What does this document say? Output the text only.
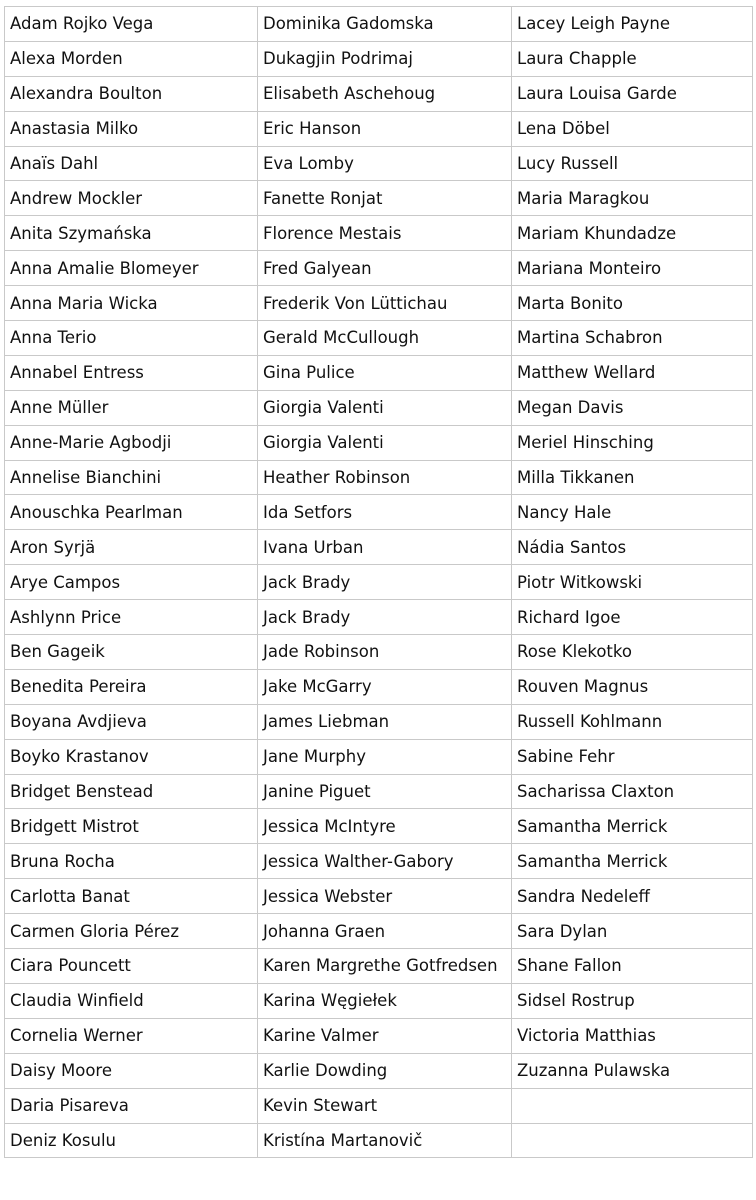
Adam Rojko Vega	Dominika Gadomska	Lacey Leigh Payne
Alexa Morden	Dukagjin Podrimaj	Laura Chapple
Alexandra Boulton	Elisabeth Aschehoug	Laura Louisa Garde
Anastasia Milko	Eric Hanson	Lena Döbel
Anaïs Dahl	Eva Lomby	Lucy Russell
Andrew Mockler	Fanette Ronjat	Maria Maragkou
Anita Szymańska	Florence Mestais	Mariam Khundadze
Anna Amalie Blomeyer	Fred Galyean	Mariana Monteiro
Anna Maria Wicka	Frederik Von Lüttichau	Marta Bonito
Anna Terio	Gerald McCullough	Martina Schabron
Annabel Entress	Gina Pulice	Matthew Wellard
Anne Müller	Giorgia Valenti	Megan Davis
Anne-Marie Agbodji	Giorgia Valenti	Meriel Hinsching
Annelise Bianchini	Heather Robinson	Milla Tikkanen
Anouschka Pearlman	Ida Setfors	Nancy Hale
Aron Syrjä	Ivana Urban	Nádia Santos
Arye Campos	Jack Brady	Piotr Witkowski
Ashlynn Price	Jack Brady	Richard Igoe
Ben Gageik	Jade Robinson	Rose Klekotko
Benedita Pereira	Jake McGarry	Rouven Magnus
Boyana Avdjieva	James Liebman	Russell Kohlmann
Boyko Krastanov	Jane Murphy	Sabine Fehr
Bridget Benstead	Janine Piguet	Sacharissa Claxton
Bridgett Mistrot	Jessica McIntyre	Samantha Merrick
Bruna Rocha	Jessica Walther-Gabory	Samantha Merrick
Carlotta Banat	Jessica Webster	Sandra Nedeleff
Carmen Gloria Pérez	Johanna Graen	Sara Dylan
Ciara Pouncett	Karen Margrethe Gotfredsen	Shane Fallon
Claudia Winfield	Karina Węgiełek	Sidsel Rostrup
Cornelia Werner	Karine Valmer	Victoria Matthias
Daisy Moore	Karlie Dowding	Zuzanna Pulawska
Daria Pisareva	Kevin Stewart	
Deniz Kosulu	Kristína Martanovič	
